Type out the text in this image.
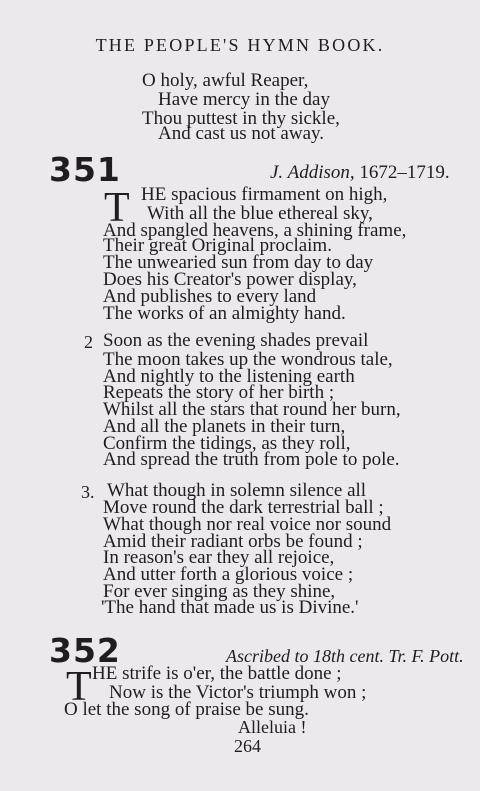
THE PEOPLE'S HYMN BOOK.
O holy, awful Reaper,
Have mercy in the day
Thou puttest in thy sickle,
And cast us not away.
351	J. Addison, 1672–1719.
T HE spacious firmament on high,
With all the blue ethereal sky,
And spangled heavens, a shining frame,
Their great Original proclaim.
The unwearied sun from day to day
Does his Creator's power display,
And publishes to every land
The works of an almighty hand.
2 Soon as the evening shades prevail
The moon takes up the wondrous tale,
And nightly to the listening earth
Repeats the story of her birth ;
Whilst all the stars that round her burn,
And all the planets in their turn,
Confirm the tidings, as they roll,
And spread the truth from pole to pole.
3. What though in solemn silence all
Move round the dark terrestrial ball ;
What though nor real voice nor sound
Amid their radiant orbs be found ;
In reason's ear they all rejoice,
And utter forth a glorious voice ;
For ever singing as they shine,
'The hand that made us is Divine.'
352	Ascribed to 18th cent. Tr. F. Pott.
T HE strife is o'er, the battle done ;
Now is the Victor's triumph won ;
O let the song of praise be sung.
Alleluia !
264
